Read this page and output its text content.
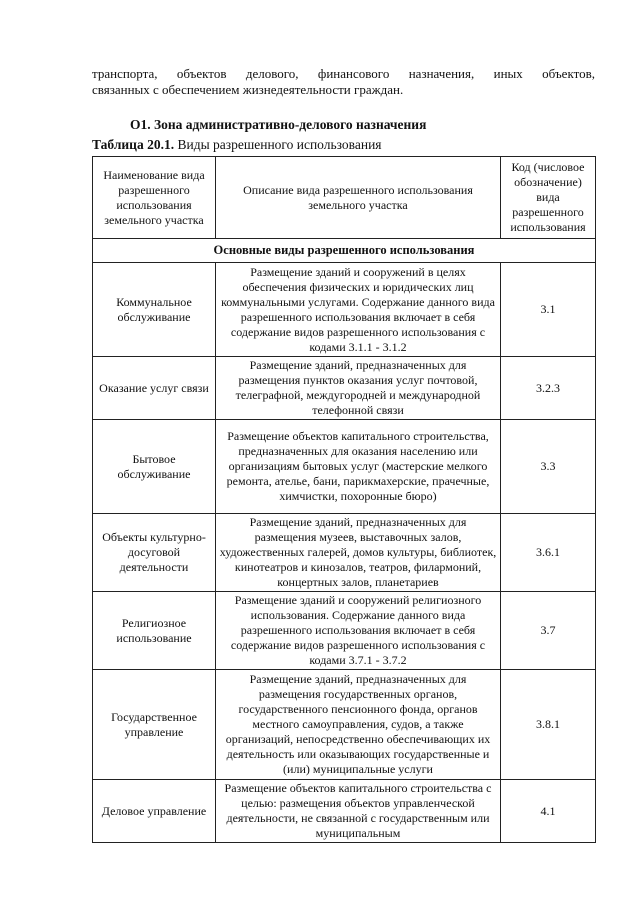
транспорта, объектов делового, финансового назначения, иных объектов,
связанных с обеспечением жизнедеятельности граждан.

О1. Зона административно-делового назначения

Таблица 20.1. Виды разрешенного использования

Наименование вида разрешенного использования земельного участка	Описание вида разрешенного использования земельного участка	Код (числовое обозначение) вида разрешенного использования
Основные виды разрешенного использования		
Коммунальное обслуживание	Размещение зданий и сооружений в целях обеспечения физических и юридических лиц коммунальными услугами. Содержание данного вида разрешенного использования включает в себя содержание видов разрешенного использования с кодами 3.1.1 - 3.1.2	3.1
Оказание услуг связи	Размещение зданий, предназначенных для размещения пунктов оказания услуг почтовой, телеграфной, междугородней и международной телефонной связи	3.2.3
Бытовое обслуживание	Размещение объектов капитального строительства, предназначенных для оказания населению или организациям бытовых услуг (мастерские мелкого ремонта, ателье, бани, парикмахерские, прачечные, химчистки, похоронные бюро)	3.3
Объекты культурно-досуговой деятельности	Размещение зданий, предназначенных для размещения музеев, выставочных залов, художественных галерей, домов культуры, библиотек, кинотеатров и кинозалов, театров, филармоний, концертных залов, планетариев	3.6.1
Религиозное использование	Размещение зданий и сооружений религиозного использования. Содержание данного вида разрешенного использования включает в себя содержание видов разрешенного использования с кодами 3.7.1 - 3.7.2	3.7
Государственное управление	Размещение зданий, предназначенных для размещения государственных органов, государственного пенсионного фонда, органов местного самоуправления, судов, а также организаций, непосредственно обеспечивающих их деятельность или оказывающих государственные и (или) муниципальные услуги	3.8.1
Деловое управление	Размещение объектов капитального строительства с целью: размещения объектов управленческой деятельности, не связанной с государственным или муниципальным	4.1
